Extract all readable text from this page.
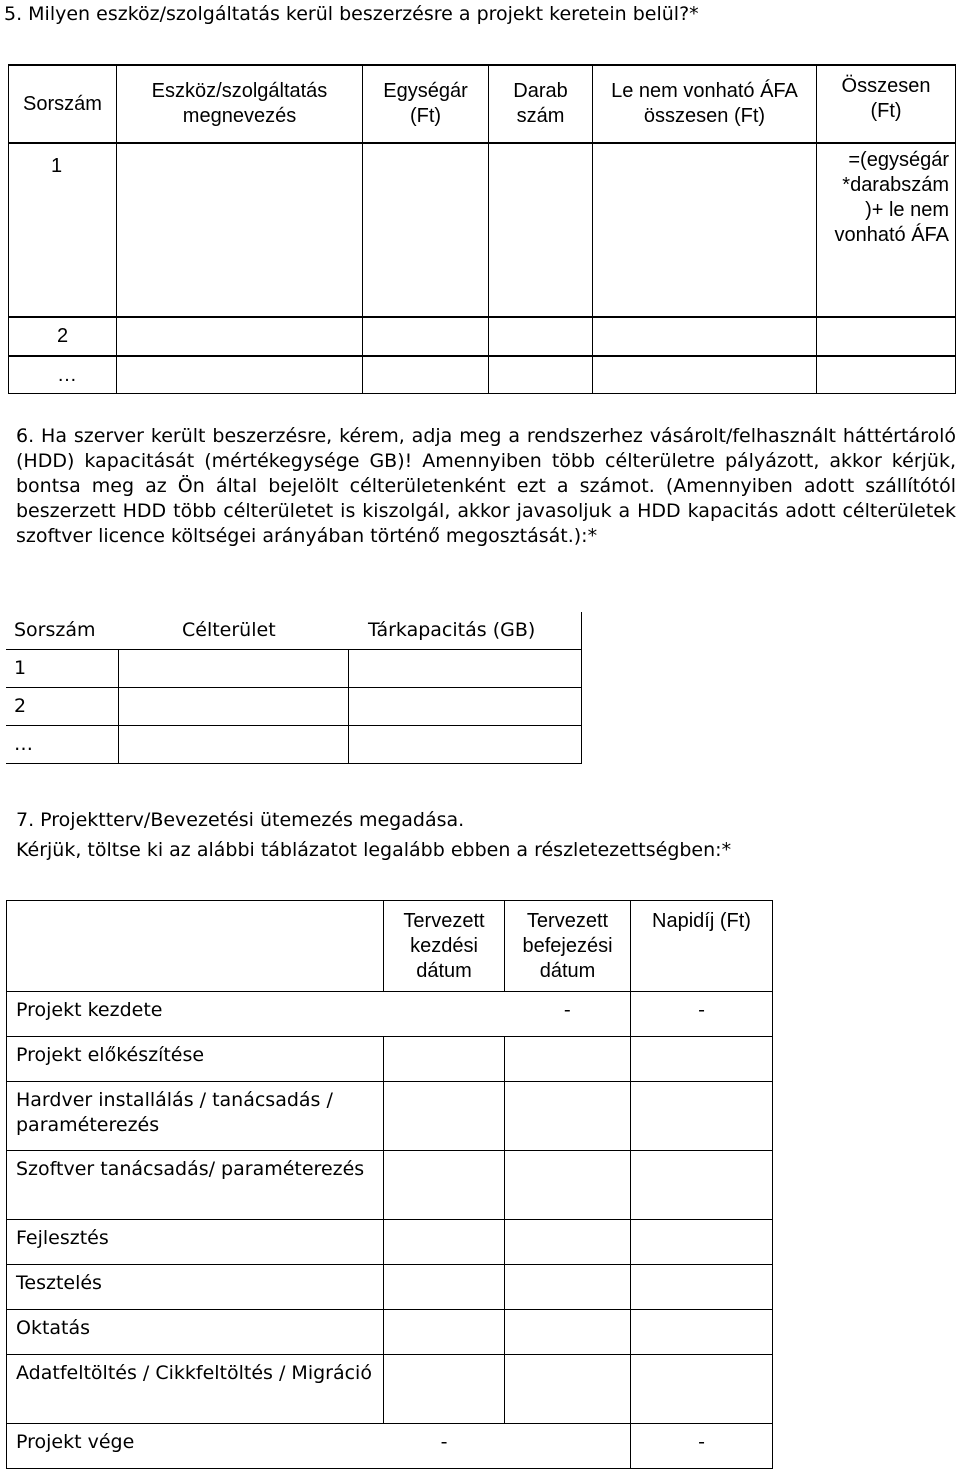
5. Milyen eszköz/szolgáltatás kerül beszerzésre a projekt keretein belül?*
Sorszám	Eszköz/szolgáltatás megnevezés	Egységár (Ft)	Darab szám	Le nem vonható ÁFA összesen (Ft)	Összesen (Ft)
1					=(egységár *darabszám )+ le nem vonható ÁFA
2					
…					
6. Ha szerver került beszerzésre, kérem, adja meg a rendszerhez vásárolt/felhasznált háttértároló (HDD) kapacitását (mértékegysége GB)! Amennyiben több célterületre pályázott, akkor kérjük, bontsa meg az Ön által bejelölt célterületenként ezt a számot. (Amennyiben adott szállítótól beszerzett HDD több célterületet is kiszolgál, akkor javasoljuk a HDD kapacitás adott célterületek szoftver licence költségei arányában történő megosztását.):*
Sorszám	Célterület	Tárkapacitás (GB)
1		
2		
…		
7. Projektterv/Bevezetési ütemezés megadása.
Kérjük, töltse ki az alábbi táblázatot legalább ebben a részletezettségben:*
	Tervezett kezdési dátum	Tervezett befejezési dátum	Napidíj (Ft)
Projekt kezdete		-	-
Projekt előkészítése			
Hardver installálás / tanácsadás / paraméterezés			
Szoftver tanácsadás/ paraméterezés			
Fejlesztés			
Tesztelés			
Oktatás			
Adatfeltöltés / Cikkfeltöltés / Migráció			
Projekt vége	-		-
